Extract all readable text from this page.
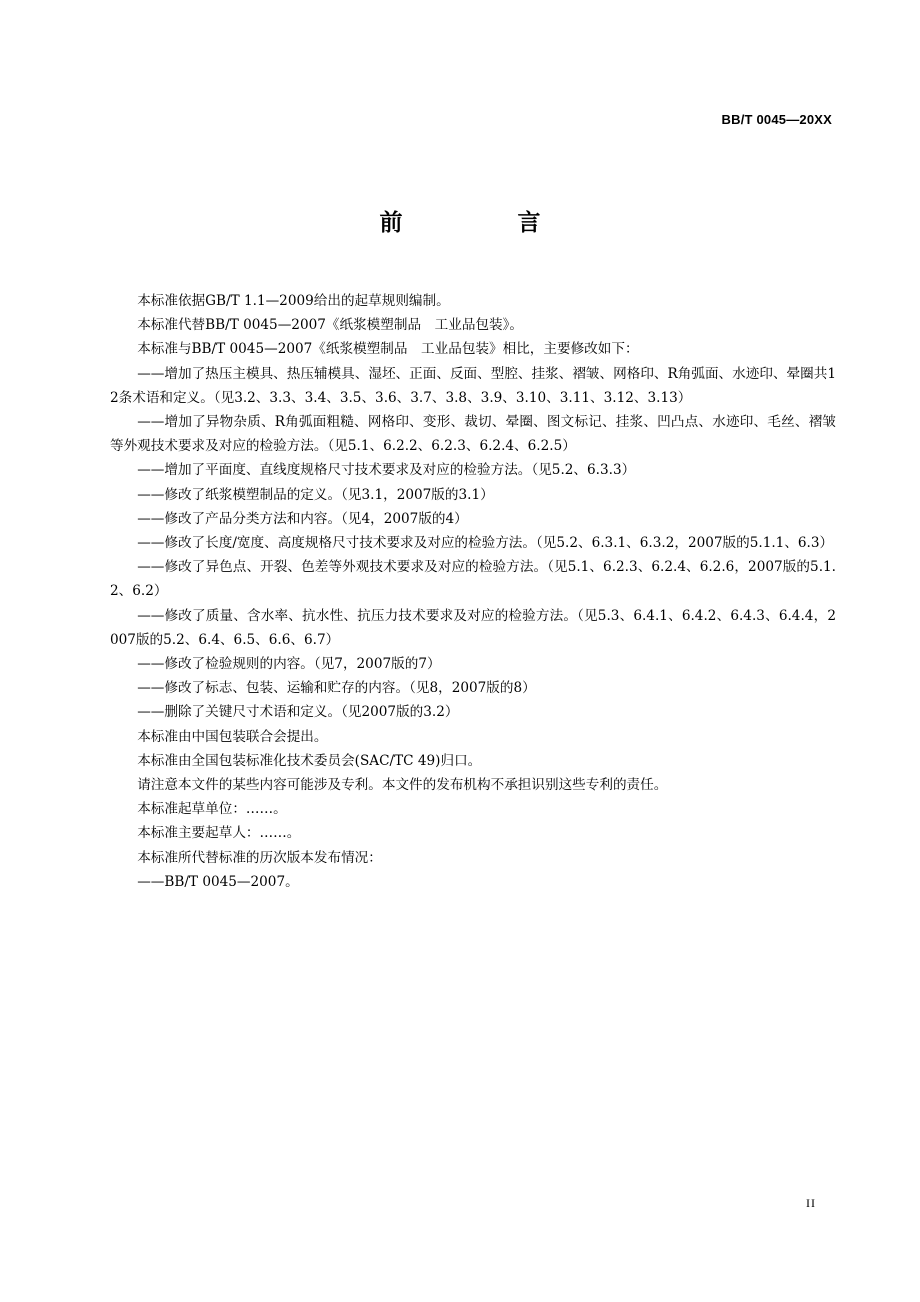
BB/T 0045—20XX
前　言

本标准依据GB/T 1.1—2009给出的起草规则编制。

本标准代替BB/T 0045—2007《纸浆模塑制品　工业品包装》。

本标准与BB/T 0045—2007《纸浆模塑制品　工业品包装》相比，主要修改如下：

——增加了热压主模具、热压辅模具、湿坯、正面、反面、型腔、挂浆、褶皱、网格印、R角弧面、水迹印、晕圈共12条术语和定义。（见3.2、3.3、3.4、3.5、3.6、3.7、3.8、3.9、3.10、3.11、3.12、3.13）

——增加了异物杂质、R角弧面粗糙、网格印、变形、裁切、晕圈、图文标记、挂浆、凹凸点、水迹印、毛丝、褶皱等外观技术要求及对应的检验方法。（见5.1、6.2.2、6.2.3、6.2.4、6.2.5）

——增加了平面度、直线度规格尺寸技术要求及对应的检验方法。（见5.2、6.3.3）

——修改了纸浆模塑制品的定义。（见3.1，2007版的3.1）

——修改了产品分类方法和内容。（见4，2007版的4）

——修改了长度/宽度、高度规格尺寸技术要求及对应的检验方法。（见5.2、6.3.1、6.3.2，2007版的5.1.1、6.3）

——修改了异色点、开裂、色差等外观技术要求及对应的检验方法。（见5.1、6.2.3、6.2.4、6.2.6，2007版的5.1.2、6.2）

——修改了质量、含水率、抗水性、抗压力技术要求及对应的检验方法。（见5.3、6.4.1、6.4.2、6.4.3、6.4.4，2007版的5.2、6.4、6.5、6.6、6.7）

——修改了检验规则的内容。（见7，2007版的7）

——修改了标志、包装、运输和贮存的内容。（见8，2007版的8）

——删除了关键尺寸术语和定义。（见2007版的3.2）

本标准由中国包装联合会提出。

本标准由全国包装标准化技术委员会(SAC/TC 49)归口。

请注意本文件的某些内容可能涉及专利。本文件的发布机构不承担识别这些专利的责任。

本标准起草单位：……。

本标准主要起草人：……。

本标准所代替标准的历次版本发布情况：

——BB/T 0045—2007。

II
